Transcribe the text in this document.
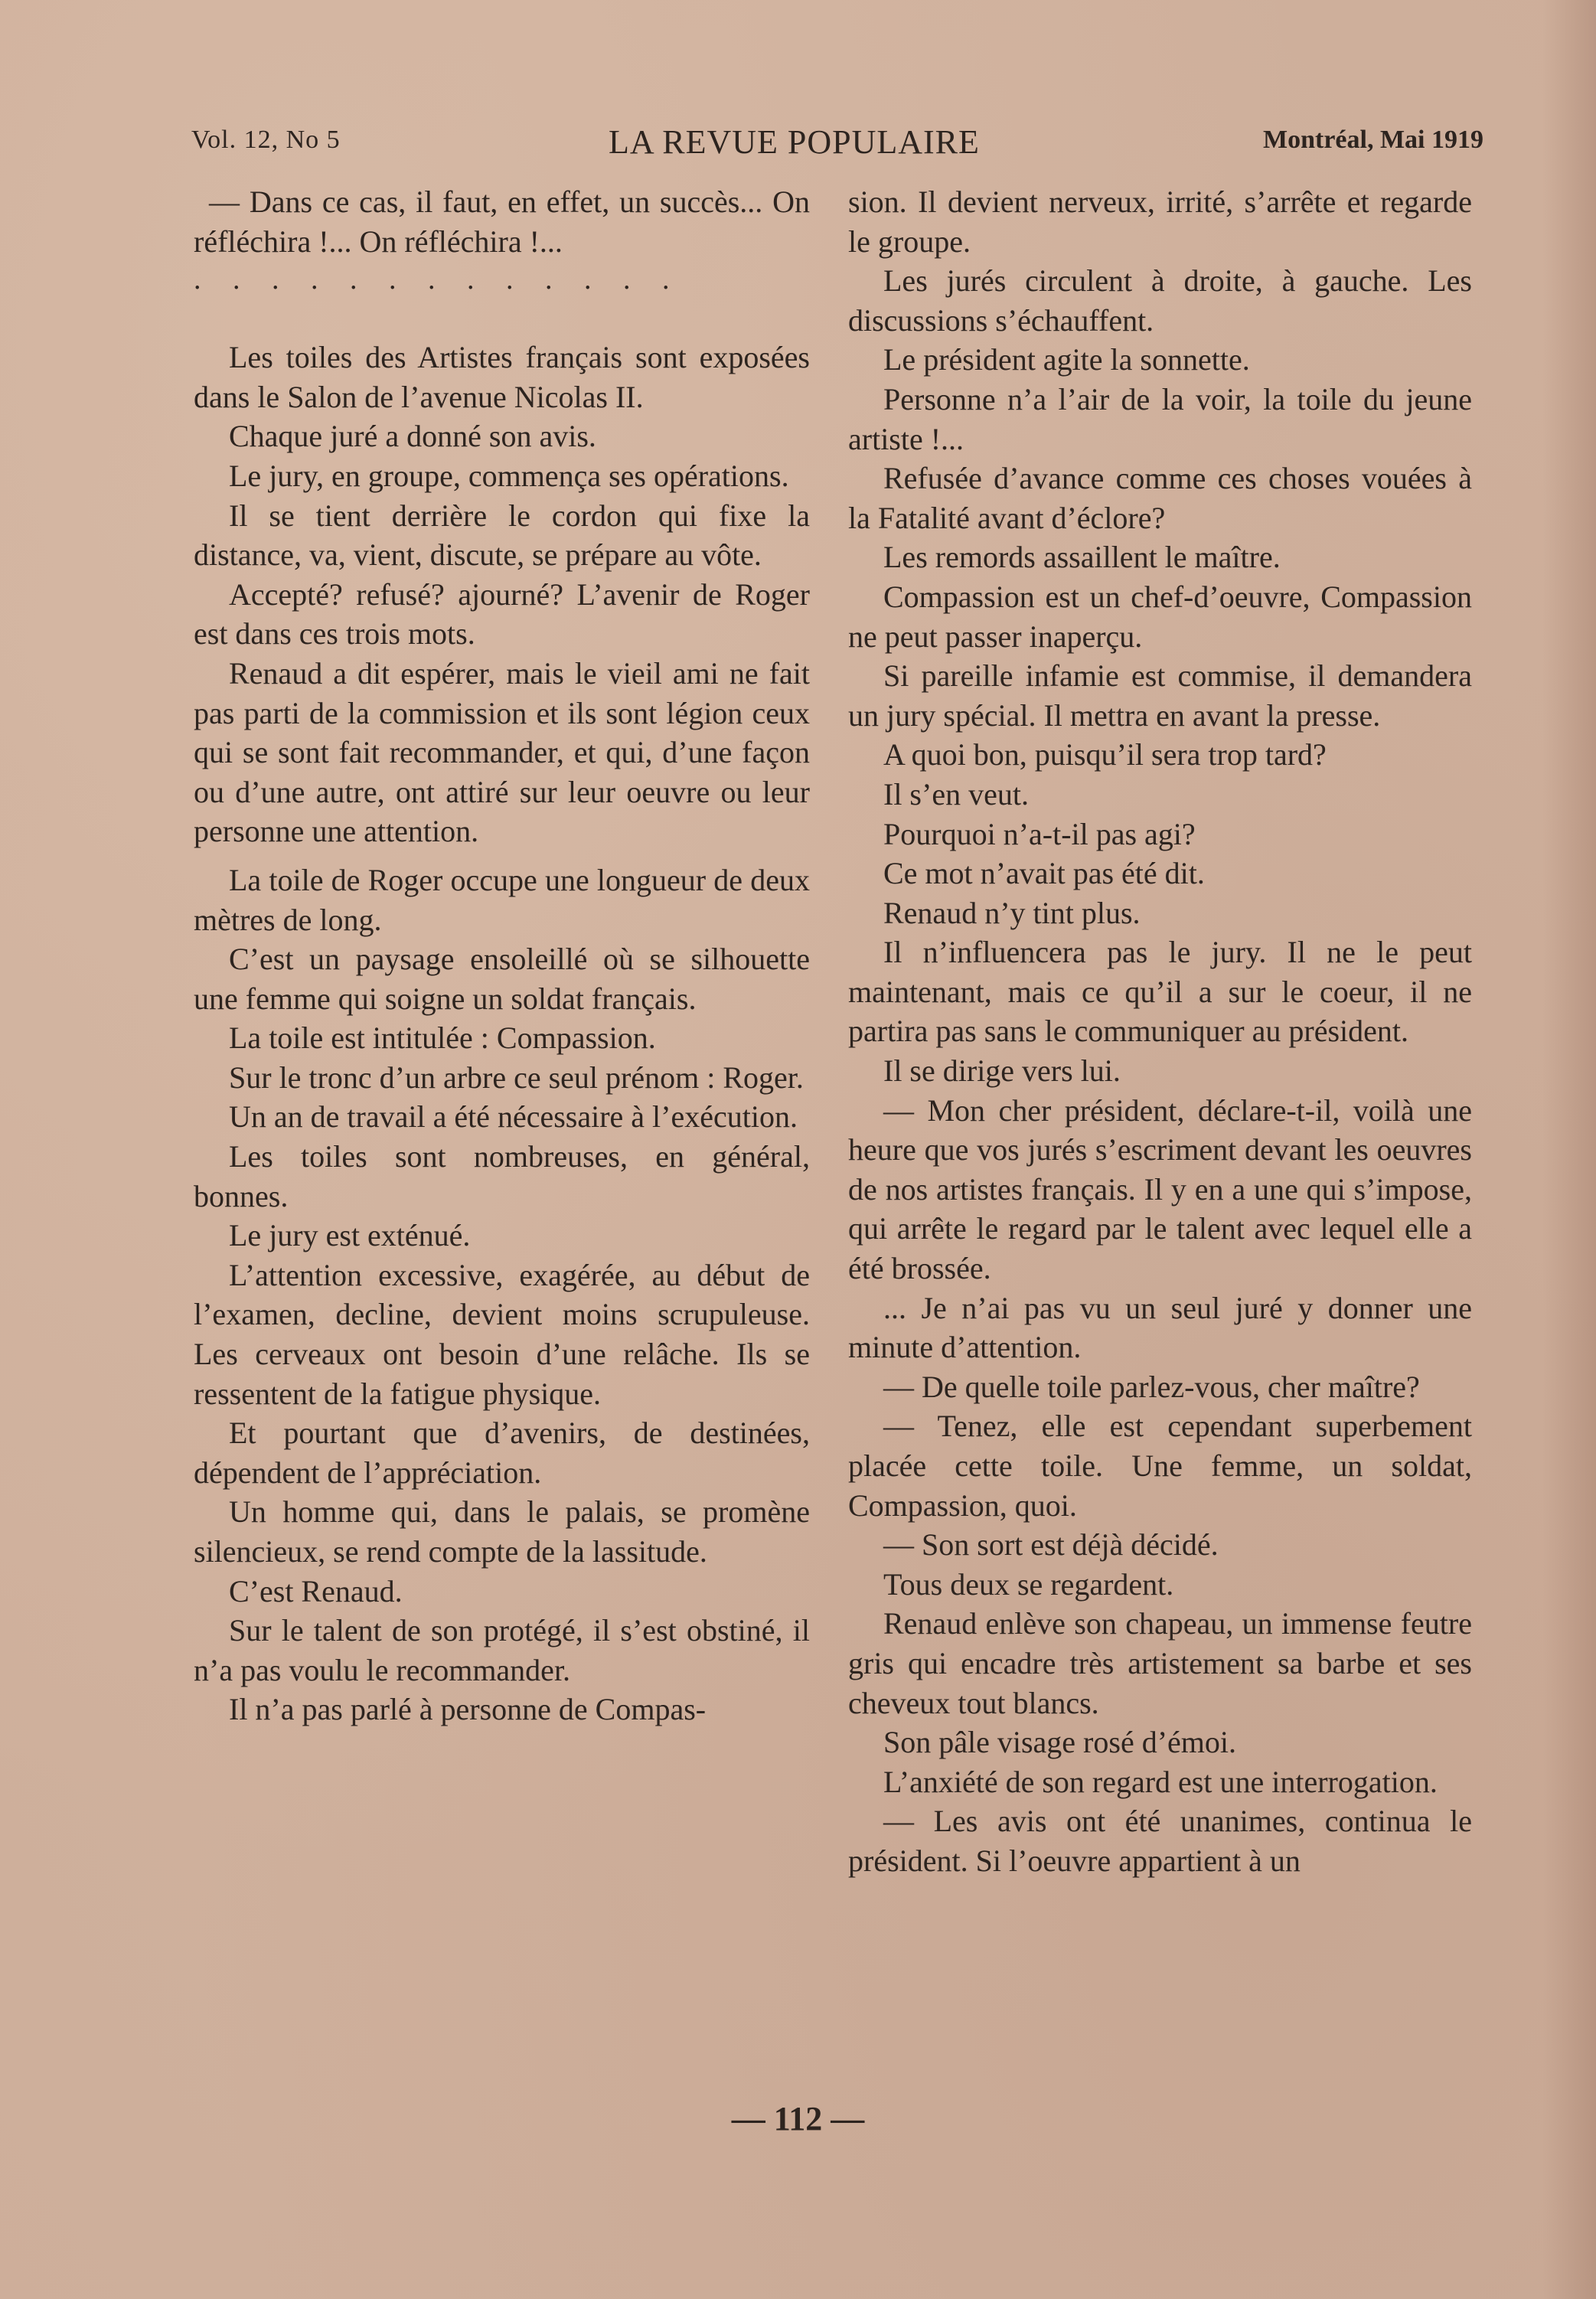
Vol. 12, No 5	LA REVUE POPULAIRE	Montréal, Mai 1919

— Dans ce cas, il faut, en effet, un succès... On réfléchira !... On réfléchira !...

. . . . . . . . . . . . .

Les toiles des Artistes français sont exposées dans le Salon de l’avenue Nicolas II.

Chaque juré a donné son avis.

Le jury, en groupe, commença ses opérations.

Il se tient derrière le cordon qui fixe la distance, va, vient, discute, se prépare au vôte.

Accepté? refusé? ajourné? L’avenir de Roger est dans ces trois mots.

Renaud a dit espérer, mais le vieil ami ne fait pas parti de la commission et ils sont légion ceux qui se sont fait recommander, et qui, d’une façon ou d’une autre, ont attiré sur leur oeuvre ou leur personne une attention.

La toile de Roger occupe une longueur de deux mètres de long.

C’est un paysage ensoleillé où se silhouette une femme qui soigne un soldat français.

La toile est intitulée : Compassion.

Sur le tronc d’un arbre ce seul prénom : Roger.

Un an de travail a été nécessaire à l’exécution.

Les toiles sont nombreuses, en général, bonnes.

Le jury est exténué.

L’attention excessive, exagérée, au début de l’examen, decline, devient moins scrupuleuse. Les cerveaux ont besoin d’une relâche. Ils se ressentent de la fatigue physique.

Et pourtant que d’avenirs, de destinées, dépendent de l’appréciation.

Un homme qui, dans le palais, se promène silencieux, se rend compte de la lassitude.

C’est Renaud.

Sur le talent de son protégé, il s’est obstiné, il n’a pas voulu le recommander.

Il n’a pas parlé à personne de Compas-

sion. Il devient nerveux, irrité, s’arrête et regarde le groupe.

Les jurés circulent à droite, à gauche. Les discussions s’échauffent.

Le président agite la sonnette.

Personne n’a l’air de la voir, la toile du jeune artiste !...

Refusée d’avance comme ces choses vouées à la Fatalité avant d’éclore?

Les remords assaillent le maître.

Compassion est un chef-d’oeuvre, Compassion ne peut passer inaperçu.

Si pareille infamie est commise, il demandera un jury spécial. Il mettra en avant la presse.

A quoi bon, puisqu’il sera trop tard?

Il s’en veut.

Pourquoi n’a-t-il pas agi?

Ce mot n’avait pas été dit.

Renaud n’y tint plus.

Il n’influencera pas le jury. Il ne le peut maintenant, mais ce qu’il a sur le coeur, il ne partira pas sans le communiquer au président.

Il se dirige vers lui.

— Mon cher président, déclare-t-il, voilà une heure que vos jurés s’escriment devant les oeuvres de nos artistes français. Il y en a une qui s’impose, qui arrête le regard par le talent avec lequel elle a été brossée.

... Je n’ai pas vu un seul juré y donner une minute d’attention.

— De quelle toile parlez-vous, cher maître?

— Tenez, elle est cependant superbement placée cette toile. Une femme, un soldat, Compassion, quoi.

— Son sort est déjà décidé.

Tous deux se regardent.

Renaud enlève son chapeau, un immense feutre gris qui encadre très artistement sa barbe et ses cheveux tout blancs.

Son pâle visage rosé d’émoi.

L’anxiété de son regard est une interrogation.

— Les avis ont été unanimes, continua le président. Si l’oeuvre appartient à un

— 112 —
